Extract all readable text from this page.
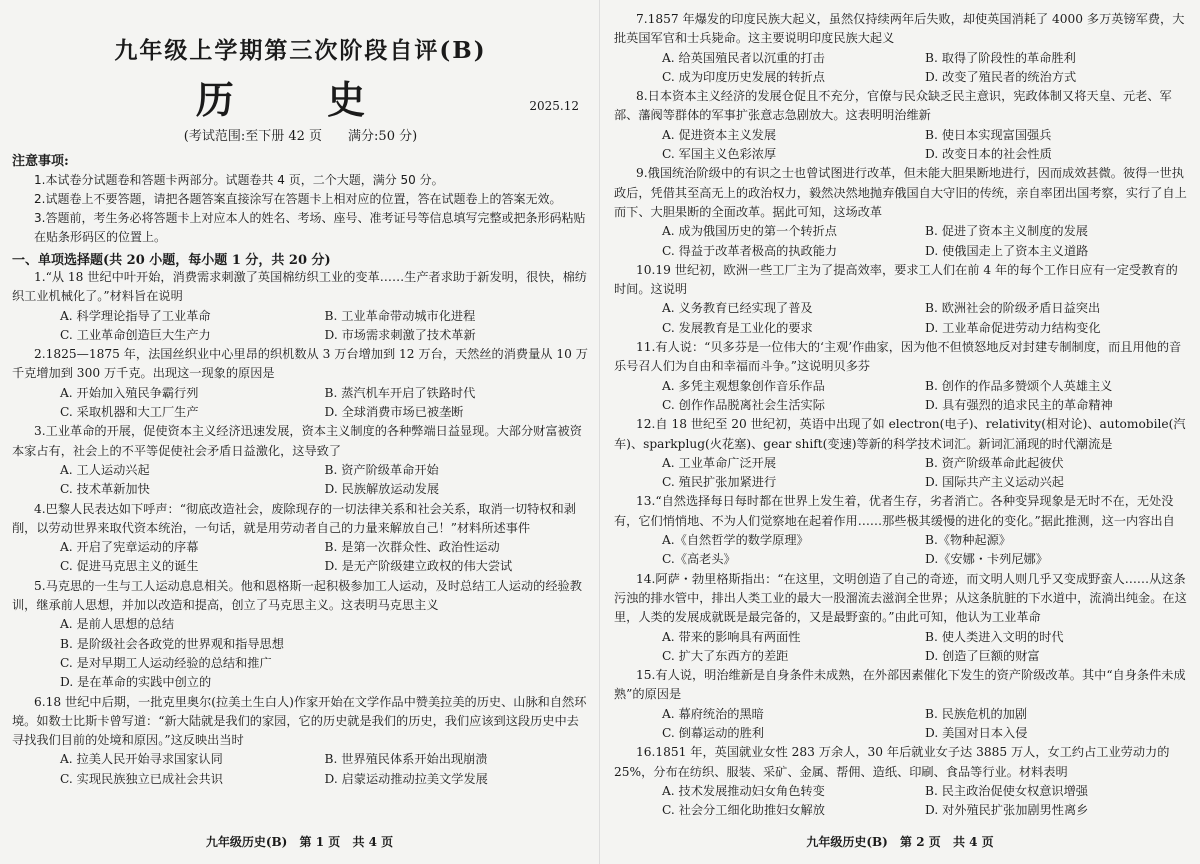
九年级上学期第三次阶段自评(B)
历 史	2025.12
(考试范围:至下册 42 页　　满分:50 分)
注意事项:
1.本试卷分试题卷和答题卡两部分。试题卷共 4 页，二个大题，满分 50 分。
2.试题卷上不要答题，请把各题答案直接涂写在答题卡上相对应的位置，答在试题卷上的答案无效。
3.答题前，考生务必将答题卡上对应本人的姓名、考场、座号、准考证号等信息填写完整或把条形码粘贴在贴条形码区的位置上。
一、单项选择题(共 20 小题，每小题 1 分，共 20 分)

1.“从 18 世纪中叶开始，消费需求刺激了英国棉纺织工业的变革……生产者求助于新发明，很快，棉纺织工业机械化了。”材料旨在说明

A. 科学理论指导了工业革命	B. 工业革命带动城市化进程
C. 工业革命创造巨大生产力	D. 市场需求刺激了技术革新

2.1825—1875 年，法国丝织业中心里昂的织机数从 3 万台增加到 12 万台，天然丝的消费量从 10 万千克增加到 300 万千克。出现这一现象的原因是

A. 开始加入殖民争霸行列	B. 蒸汽机车开启了铁路时代
C. 采取机器和大工厂生产	D. 全球消费市场已被垄断

3.工业革命的开展，促使资本主义经济迅速发展，资本主义制度的各种弊端日益显现。大部分财富被资本家占有，社会上的不平等促使社会矛盾日益激化，这导致了

A. 工人运动兴起	B. 资产阶级革命开始
C. 技术革新加快	D. 民族解放运动发展

4.巴黎人民表达如下呼声：“彻底改造社会，废除现存的一切法律关系和社会关系，取消一切特权和剥削，以劳动世界来取代资本统治，一句话，就是用劳动者自己的力量来解放自己！”材料所述事件

A. 开启了宪章运动的序幕	B. 是第一次群众性、政治性运动
C. 促进马克思主义的诞生	D. 是无产阶级建立政权的伟大尝试

5.马克思的一生与工人运动息息相关。他和恩格斯一起积极参加工人运动，及时总结工人运动的经验教训，继承前人思想，并加以改造和提高，创立了马克思主义。这表明马克思主义

A. 是前人思想的总结
B. 是阶级社会各政党的世界观和指导思想
C. 是对早期工人运动经验的总结和推广
D. 是在革命的实践中创立的

6.18 世纪中后期，一批克里奥尔(拉美土生白人)作家开始在文学作品中赞美拉美的历史、山脉和自然环境。如数士比斯卡曾写道：“新大陆就是我们的家园，它的历史就是我们的历史，我们应该到这段历史中去寻找我们目前的处境和原因。”这反映出当时

A. 拉美人民开始寻求国家认同	B. 世界殖民体系开始出现崩溃
C. 实现民族独立已成社会共识	D. 启蒙运动推动拉美文学发展
九年级历史(B) 第 1 页 共 4 页

7.1857 年爆发的印度民族大起义，虽然仅持续两年后失败，却使英国消耗了 4000 多万英镑军费，大批英国军官和士兵毙命。这主要说明印度民族大起义

A. 给英国殖民者以沉重的打击	B. 取得了阶段性的革命胜利
C. 成为印度历史发展的转折点	D. 改变了殖民者的统治方式

8.日本资本主义经济的发展仓促且不充分，官僚与民众缺乏民主意识，宪政体制又将天皇、元老、军部、藩阀等群体的军事扩张意志急剧放大。这表明明治维新

A. 促进资本主义发展	B. 使日本实现富国强兵
C. 军国主义色彩浓厚	D. 改变日本的社会性质

9.俄国统治阶级中的有识之士也曾试图进行改革，但未能大胆果断地进行，因而成效甚微。彼得一世执政后，凭借其至高无上的政治权力，毅然决然地抛弃俄国自大守旧的传统，亲自率团出国考察，实行了自上而下、大胆果断的全面改革。据此可知，这场改革

A. 成为俄国历史的第一个转折点	B. 促进了资本主义制度的发展
C. 得益于改革者极高的执政能力	D. 使俄国走上了资本主义道路

10.19 世纪初，欧洲一些工厂主为了提高效率，要求工人们在前 4 年的每个工作日应有一定受教育的时间。这说明

A. 义务教育已经实现了普及	B. 欧洲社会的阶级矛盾日益突出
C. 发展教育是工业化的要求	D. 工业革命促进劳动力结构变化

11.有人说：“贝多芬是一位伟大的‘主观’作曲家，因为他不但愤怒地反对封建专制制度，而且用他的音乐号召人们为自由和幸福而斗争。”这说明贝多芬

A. 多凭主观想象创作音乐作品	B. 创作的作品多赞颂个人英雄主义
C. 创作作品脱离社会生活实际	D. 具有强烈的追求民主的革命精神

12.自 18 世纪至 20 世纪初，英语中出现了如 electron(电子)、relativity(相对论)、automobile(汽车)、sparkplug(火花塞)、gear shift(变速)等新的科学技术词汇。新词汇涌现的时代潮流是

A. 工业革命广泛开展	B. 资产阶级革命此起彼伏
C. 殖民扩张加紧进行	D. 国际共产主义运动兴起

13.“自然选择每日每时都在世界上发生着，优者生存，劣者消亡。各种变异现象是无时不在，无处没有，它们悄悄地、不为人们觉察地在起着作用……那些极其缓慢的进化的变化。”据此推测，这一内容出自

A.《自然哲学的数学原理》	B.《物种起源》
C.《高老头》	D.《安娜・卡列尼娜》

14.阿萨・勃里格斯指出：“在这里，文明创造了自己的奇迹，而文明人则几乎又变成野蛮人……从这条污浊的排水管中，排出人类工业的最大一股溜流去滋润全世界；从这条肮脏的下水道中，流淌出纯金。在这里，人类的发展成就既是最完备的，又是最野蛮的。”由此可知，他认为工业革命

A. 带来的影响具有两面性	B. 使人类进入文明的时代
C. 扩大了东西方的差距	D. 创造了巨额的财富

15.有人说，明治维新是自身条件未成熟，在外部因素催化下发生的资产阶级改革。其中“自身条件未成熟”的原因是

A. 幕府统治的黑暗	B. 民族危机的加剧
C. 倒幕运动的胜利	D. 美国对日本入侵

16.1851 年，英国就业女性 283 万余人，30 年后就业女子达 3885 万人，女工约占工业劳动力的 25%，分布在纺织、服装、采矿、金属、帮佣、造纸、印刷、食品等行业。材料表明

A. 技术发展推动妇女角色转变	B. 民主政治促使女权意识增强
C. 社会分工细化助推妇女解放	D. 对外殖民扩张加剧男性离乡
九年级历史(B) 第 2 页 共 4 页
